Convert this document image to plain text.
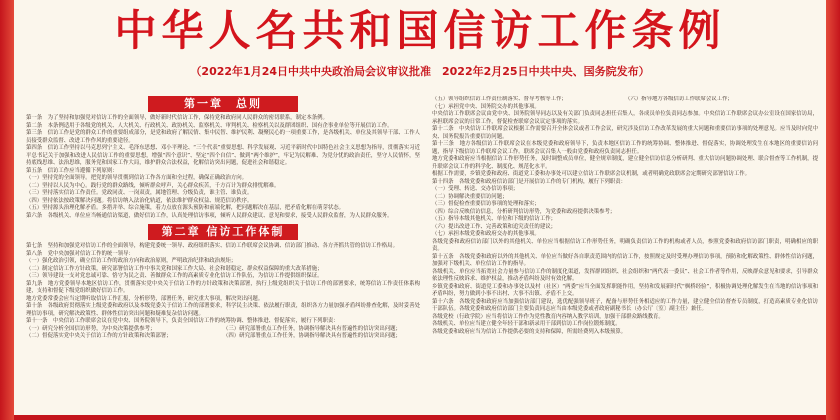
中华人名共和国信访工作条例
（2022年1月24日中共中央政治局会议审议批准　2022年2月25日中共中央、国务院发布）
第一章　总则

第一条　为了坚持和加强党对信访工作的全面领导，做好新时代信访工作，保持党和政府同人民群众的密切联系，制定本条例。

第二条　本条例适用于各级党的机关、人大机关、行政机关、政协机关、监察机关、审判机关、检察机关以及群团组织、国有企事业单位等开展信访工作。

第三条　信访工作是党的群众工作的重要组成部分，是党和政府了解民情、集中民智、维护民利、凝聚民心的一项重要工作，是各级机关、单位及其领导干部、工作人员接受群众监督、改进工作作风的重要途径。

第四条　信访工作坚持以马克思列宁主义、毛泽东思想、邓小平理论、“三个代表”重要思想、科学发展观、习近平新时代中国特色社会主义思想为指导，贯彻落实习近平总书记关于加强和改进人民信访工作的重要思想，增强“四个意识”、坚定“四个自信”、做到“两个维护”，牢记为民解难、为党分忧的政治责任，坚守人民情怀，坚持底线思维、法治思维，服务党和国家工作大局，维护群众合法权益，化解信访突出问题，促进社会和谐稳定。

第五条　信访工作应当遵循下列原则：

（一）坚持党的全面领导。把党的领导贯彻到信访工作各方面和全过程，确保正确政治方向。

（二）坚持以人民为中心。践行党的群众路线，倾听群众呼声，关心群众疾苦，千方百计为群众排忧解难。

（三）坚持落实信访工作责任。党政同责、一岗双责，属地管理、分级负责，谁主管、谁负责。

（四）坚持依法按政策解决问题。将信访纳入法治化轨道，依法维护群众权益、规范信访秩序。

（五）坚持源头治理化解矛盾。多措并举、综合施策，着力点放在源头预防和前端化解，把问题解决在基层，把矛盾化解在萌芽状态。

第六条　各级机关、单位应当畅通信访渠道，做好信访工作，认真处理信访事项，倾听人民群众建议、意见和要求，接受人民群众监督，为人民群众服务。

第二章 信访工作体制

第七条　坚持和加强党对信访工作的全面领导，构建党委统一领导、政府组织落实、信访工作联席会议协调、信访部门推动、各方齐抓共管的信访工作格局。

第八条　党中央加强对信访工作的统一领导：

（一）强化政治引领，确立信访工作的政治方向和政治原则，严明政治纪律和政治规矩；

（二）制定信访工作方针政策，研究部署信访工作中事关党和国家工作大局、社会和谐稳定、群众权益保障的重大改革措施；

（三）领导建设一支对党忠诚可靠、恪守为民之责、善做群众工作的高素质专业化信访工作队伍，为信访工作提供组织保证。

第九条　地方党委领导本地区信访工作，贯彻落实党中央关于信访工作的方针政策和决策部署，执行上级党组织关于信访工作的部署要求，统筹信访工作责任体系构建，支持和督促下级党组织做好信访工作。

地方党委常委会应当定期听取信访工作汇报，分析形势，部署任务，研究重大事项，解决突出问题。

第十条　各级政府贯彻落实上级党委和政府以及本级党委关于信访工作的部署要求，科学民主决策、依法履行职责，组织各方力量加强矛盾纠纷排查化解，及时妥善处理信访事项，研究解决政策性、群体性信访突出问题和疑难复杂信访问题。

第十一条　中央信访工作联席会议在党中央、国务院领导下，负责全国信访工作的统筹协调、整体推进、督促落实，履行下列职责：

（一）研究分析全国信访形势，为中央决策提供参考；	（三）研究部署重点工作任务，协调指导解决具有普遍性的信访突出问题；

（二）督促落实党中央关于信访工作的方针政策和决策部署；	（四）研究部署重点工作任务，协调指导解决具有普遍性的信访突出问题；

（五）领导组织信访工作责任制落实、督导考核等工作；	（六）指导地方各级信访工作联席会议工作；

（七）承担党中央、国务院交办的其他事项。

中央信访工作联席会议由党中央、国务院领导同志以及有关部门负责同志担任召集人，各成员单位负责同志参加。中央信访工作联席会议办公室设在国家信访局，承担联席会议的日常工作，督促检查联席会议议定事项的落实。

第十二条　中央信访工作联席会议根据工作需要召开全体会议或者工作会议，研究涉及信访工作改革发展的重大问题和重要信访事项的处理意见。应当及时向党中央、国务院报告重要信访问题。

第十三条　地方各级信访工作联席会议在本级党委和政府领导下，负责本地区信访工作的统筹协调、整体推进、督促落实，协调处理发生在本地区的重要信访问题，指导下级信访工作联席会议工作。联席会议召集人一般由党委和政府负责同志担任。

地方党委和政府应当根据信访工作形势任务，及时调整成员单位，健全规章制度，建立健全信访信息分析研判、重大信访问题协调处理、联合督查等工作机制，提升联席会议工作的科学化、制度化、规范化水平。

根据工作需要，乡镇党委和政府、街道党工委和办事处可以建立信访工作联席会议机制，或者明确党政联席会定期研究部署信访工作。

第十四条　各级党委和政府信访部门是开展信访工作的专门机构，履行下列职责：

（一）受理、转送、交办信访事项；

（二）协调解决重要信访问题；

（三）督促检查重要信访事项的处理和落实；

（四）综合反映信访信息，分析研判信访形势，为党委和政府提供决策参考；

（五）指导本级其他机关、单位和下级的信访工作；

（六）提出改进工作、完善政策和追究责任的建议；

（七）承担本级党委和政府交办的其他事项。

各级党委和政府信访部门以外的其他机关、单位应当根据信访工作形势任务，明确负责信访工作的机构或者人员，参照党委和政府信访部门职责，明确相应的职责。

第十五条　各级党委和政府以外的其他机关、单位应当做好各自职责范围内的信访工作，按照规定及时受理办理信访事项，预防和化解政策性、群体性信访问题，加强对下级机关、单位信访工作的指导。

各级机关、单位应当拓宽社会力量参与信访工作的制度化渠道，发挥群团组织、社会组织和“两代表一委员”、社会工作者等作用，反映群众意见和要求，引导群众依法理性反映诉求、维护权益，推动矛盾纠纷及时有效化解。

乡镇党委和政府、街道党工委和办事处以及村（社区）“两委”应当全面发挥职能作用，坚持和发展新时代“枫桥经验”，积极协调处理化解发生在当地的信访事项和矛盾纠纷，努力做到小事不出村、大事不出镇、矛盾不上交。

第十六条　各级党委和政府应当加强信访部门建设，选优配强领导班子，配备与形势任务相适应的工作力量，建立健全信访督查专员制度，打造高素质专业化信访干部队伍。各级党委和政府信访部门主要负责同志应当由本级党委或者政府副秘书长（办公厅〔室〕副主任）兼任。

各级党校（行政学院）应当将信访工作作为党性教育内容纳入教学培训，加强干部群众路线教育。

各级机关、单位应当建立健全年轻干部和新录用干部到信访工作岗位锻炼制度。

各级党委和政府应当为信访工作提供必要的支持和保障，所需经费列入本级预算。
